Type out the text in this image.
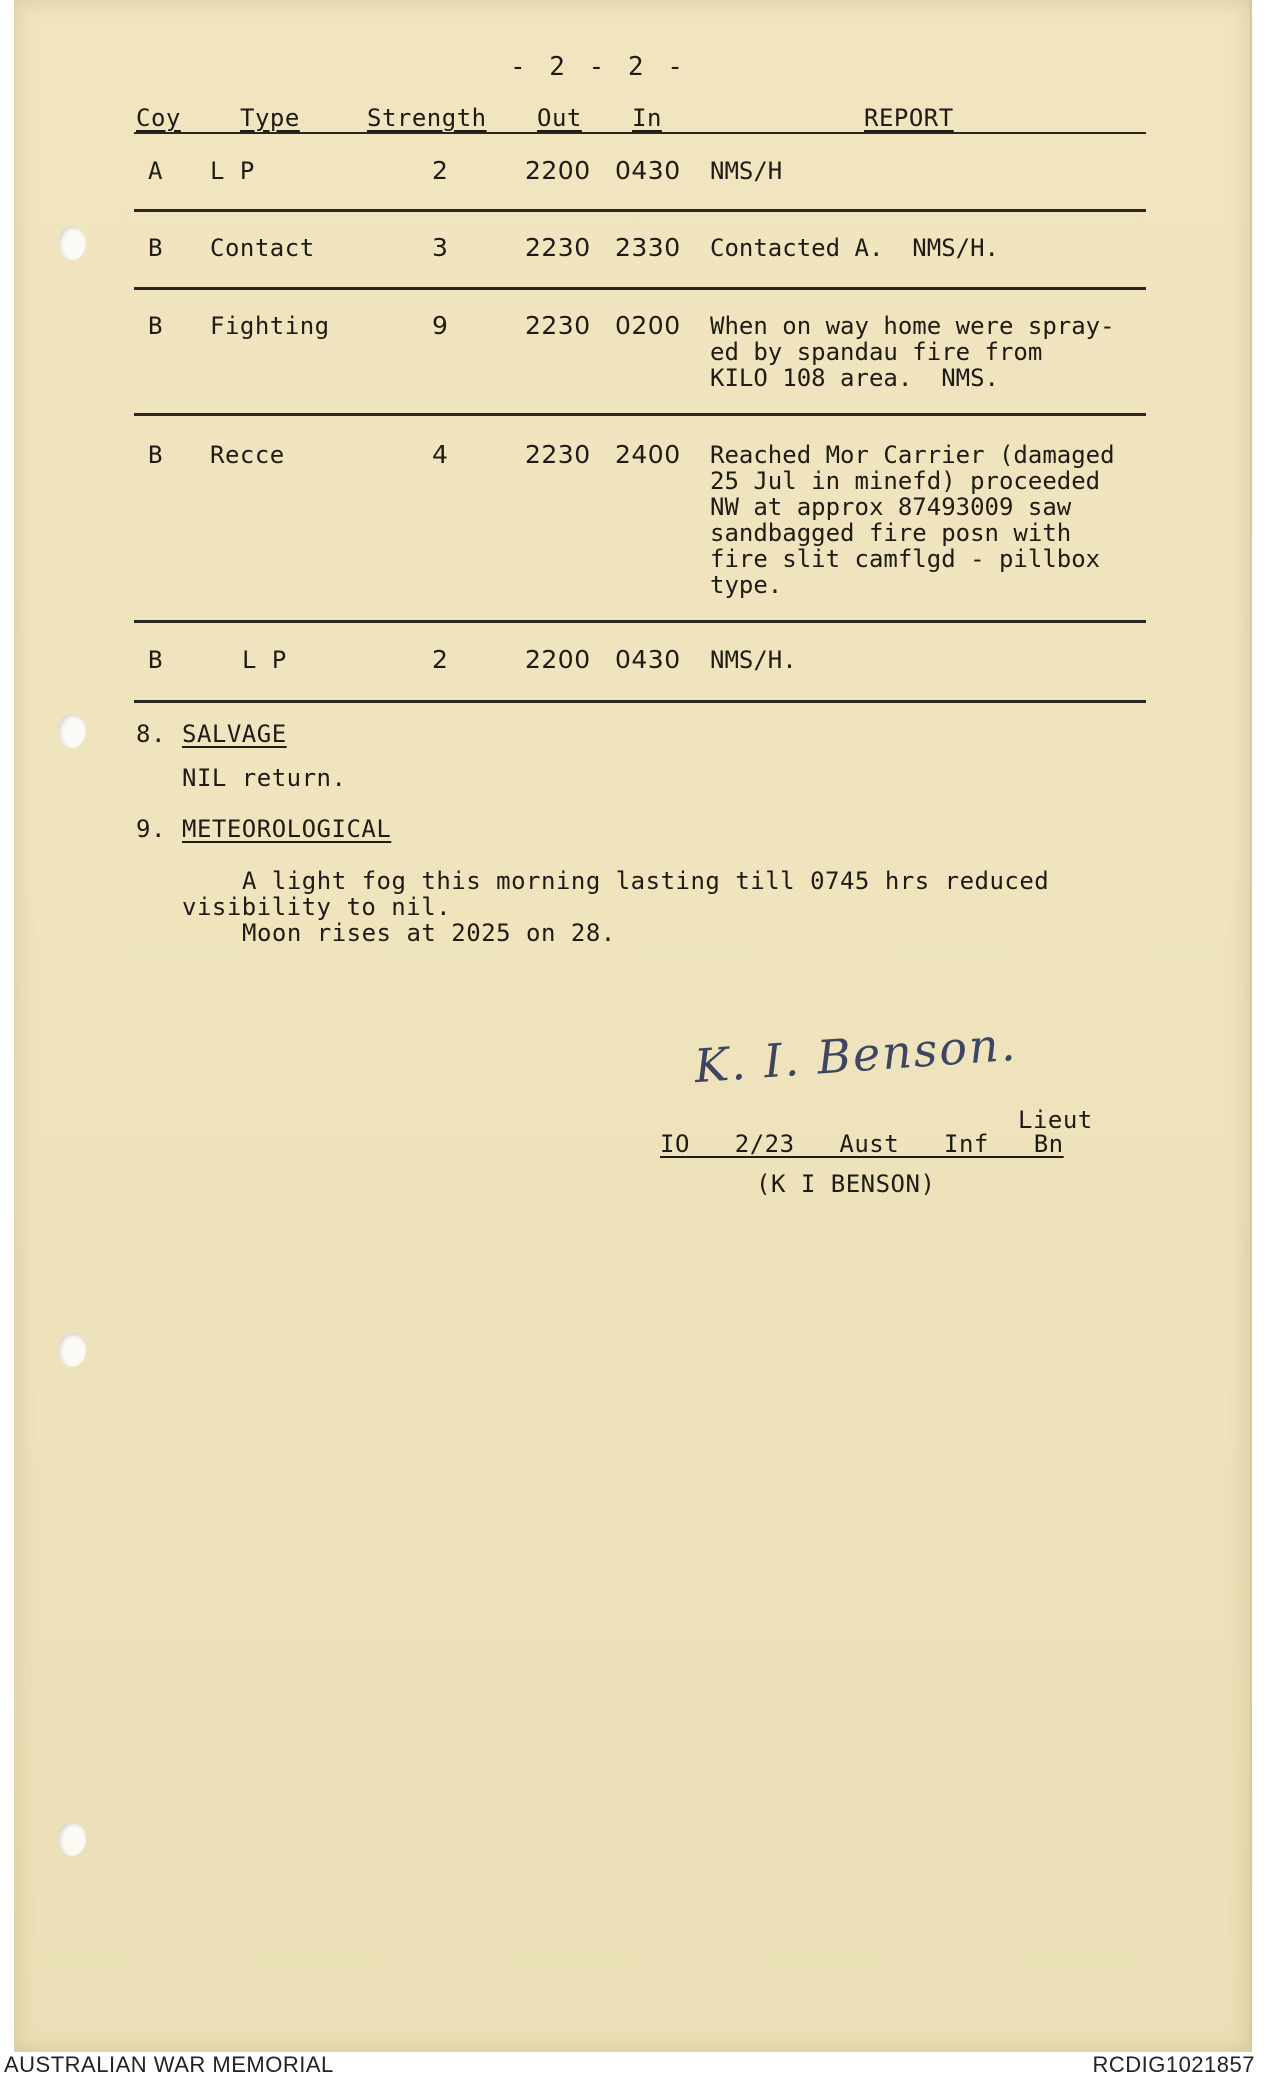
- 2 - 2 -
Coy Type	Strength Out In	REPORT
A L P	2	2200 0430 NMS/H
B Contact	3	2230 2330 Contacted A.  NMS/H.
B Fighting	9	2230 0200 When on way home were spray-
ed by spandau fire from
KILO 108 area.  NMS.
B Recce	4	2230 2400 Reached Mor Carrier (damaged
25 Jul in minefd) proceeded
NW at approx 87493009 saw
sandbagged fire posn with
fire slit camflgd - pillbox
type.
B	L P	2	2200 0430 NMS/H.
8. SALVAGE
NIL return.
9. METEOROLOGICAL
A light fog this morning lasting till 0745 hrs reduced
visibility to nil.
Moon rises at 2025 on 28.
K. I. Benson.
Lieut
IO   2/23   Aust   Inf   Bn
(K I BENSON)
AUSTRALIAN WAR MEMORIAL	RCDIG1021857
